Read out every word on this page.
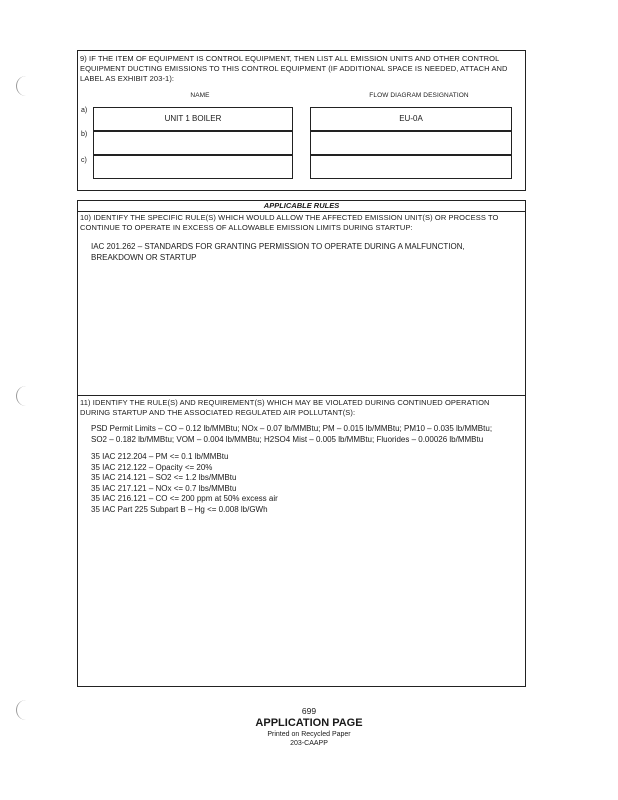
9) IF THE ITEM OF EQUIPMENT IS CONTROL EQUIPMENT, THEN LIST ALL EMISSION UNITS AND OTHER CONTROL EQUIPMENT DUCTING EMISSIONS TO THIS CONTROL EQUIPMENT (IF ADDITIONAL SPACE IS NEEDED, ATTACH AND LABEL AS EXHIBIT 203-1):
NAME	FLOW DIAGRAM DESIGNATION
a)
UNIT 1 BOILER	EU-0A
b)
c)
APPLICABLE RULES
10) IDENTIFY THE SPECIFIC RULE(S) WHICH WOULD ALLOW THE AFFECTED EMISSION UNIT(S) OR PROCESS TO CONTINUE TO OPERATE IN EXCESS OF ALLOWABLE EMISSION LIMITS DURING STARTUP:
IAC 201.262 – STANDARDS FOR GRANTING PERMISSION TO OPERATE DURING A MALFUNCTION, BREAKDOWN OR STARTUP
11) IDENTIFY THE RULE(S) AND REQUIREMENT(S) WHICH MAY BE VIOLATED DURING CONTINUED OPERATION DURING STARTUP AND THE ASSOCIATED REGULATED AIR POLLUTANT(S):
PSD Permit Limits – CO – 0.12 lb/MMBtu; NOx – 0.07 lb/MMBtu; PM – 0.015 lb/MMBtu; PM10 – 0.035 lb/MMBtu;
SO2 – 0.182 lb/MMBtu; VOM – 0.004 lb/MMBtu; H2SO4 Mist – 0.005 lb/MMBtu; Fluorides – 0.00026 lb/MMBtu
35 IAC 212.204 – PM <= 0.1 lb/MMBtu
35 IAC 212.122 – Opacity <= 20%
35 IAC 214.121 – SO2 <= 1.2 lbs/MMBtu
35 IAC 217.121 – NOx <= 0.7 lbs/MMBtu
35 IAC 216.121 – CO <= 200 ppm at 50% excess air
35 IAC Part 225 Subpart B – Hg <= 0.008 lb/GWh
699
APPLICATION PAGE
Printed on Recycled Paper
203-CAAPP
